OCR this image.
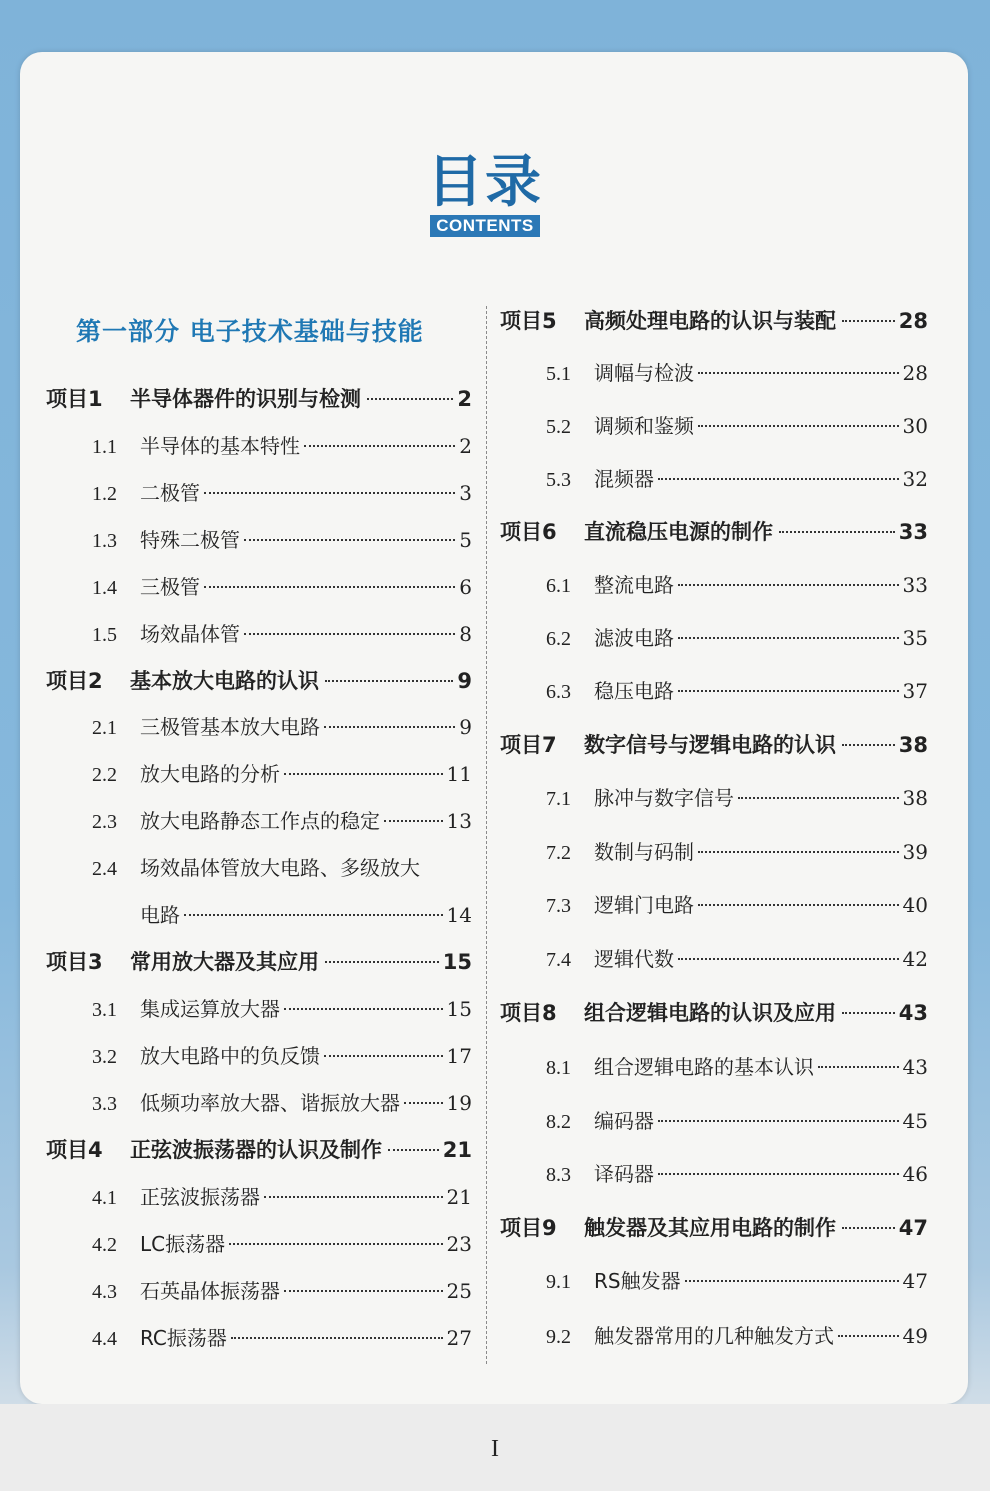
目录
CONTENTS
第一部分 电子技术基础与技能
项目1	半导体器件的识别与检测	2
1.1	半导体的基本特性	2
1.2	二极管	3
1.3	特殊二极管	5
1.4	三极管	6
1.5	场效晶体管	8
项目2	基本放大电路的认识	9
2.1	三极管基本放大电路	9
2.2	放大电路的分析	11
2.3	放大电路静态工作点的稳定	13
2.4	场效晶体管放大电路、多级放大
电路	14
项目3	常用放大器及其应用	15
3.1	集成运算放大器	15
3.2	放大电路中的负反馈	17
3.3	低频功率放大器、谐振放大器 19
项目4	正弦波振荡器的认识及制作	21
4.1	正弦波振荡器	21
4.2	LC振荡器	23
4.3	石英晶体振荡器	25
4.4	RC振荡器	27
项目5	高频处理电路的认识与装配	28
5.1	调幅与检波	28
5.2	调频和鉴频	30
5.3	混频器	32
项目6	直流稳压电源的制作	33
6.1	整流电路	33
6.2	滤波电路	35
6.3	稳压电路	37
项目7	数字信号与逻辑电路的认识	38
7.1	脉冲与数字信号	38
7.2	数制与码制	39
7.3	逻辑门电路	40
7.4	逻辑代数	42
项目8	组合逻辑电路的认识及应用	43
8.1	组合逻辑电路的基本认识	43
8.2	编码器	45
8.3	译码器	46
项目9	触发器及其应用电路的制作	47
9.1	RS触发器	47
9.2	触发器常用的几种触发方式	49
I
